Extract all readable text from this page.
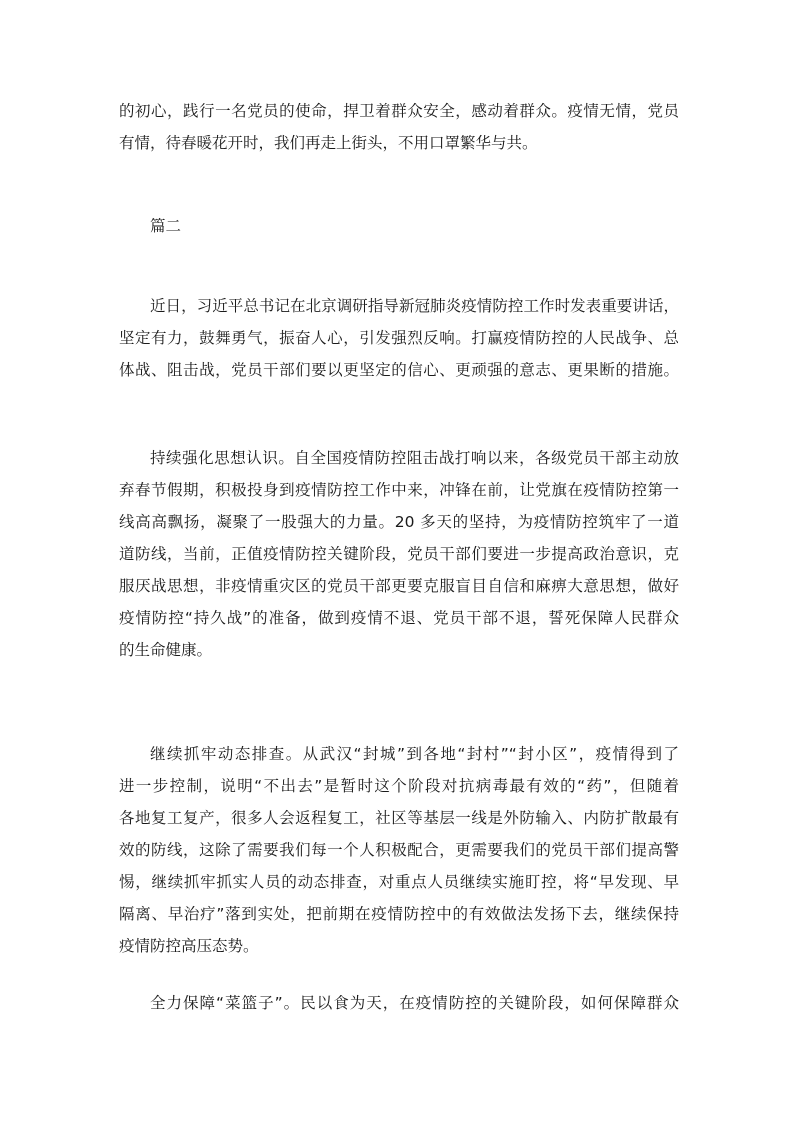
的初心，践行一名党员的使命，捍卫着群众安全，感动着群众。疫情无情，党员
有情，待春暖花开时，我们再走上街头，不用口罩繁华与共。

篇二

近日，习近平总书记在北京调研指导新冠肺炎疫情防控工作时发表重要讲话，
坚定有力，鼓舞勇气，振奋人心，引发强烈反响。打赢疫情防控的人民战争、总
体战、阻击战，党员干部们要以更坚定的信心、更顽强的意志、更果断的措施。
持续强化思想认识。自全国疫情防控阻击战打响以来，各级党员干部主动放
弃春节假期，积极投身到疫情防控工作中来，冲锋在前，让党旗在疫情防控第一
线高高飘扬，凝聚了一股强大的力量。20 多天的坚持，为疫情防控筑牢了一道
道防线，当前，正值疫情防控关键阶段，党员干部们要进一步提高政治意识，克
服厌战思想，非疫情重灾区的党员干部更要克服盲目自信和麻痹大意思想，做好
疫情防控“持久战”的准备，做到疫情不退、党员干部不退，誓死保障人民群众
的生命健康。
继续抓牢动态排查。从武汉“封城”到各地“封村”“封小区”，疫情得到了
进一步控制，说明“不出去”是暂时这个阶段对抗病毒最有效的“药”，但随着
各地复工复产，很多人会返程复工，社区等基层一线是外防输入、内防扩散最有
效的防线，这除了需要我们每一个人积极配合，更需要我们的党员干部们提高警
惕，继续抓牢抓实人员的动态排查，对重点人员继续实施盯控，将“早发现、早
隔离、早治疗”落到实处，把前期在疫情防控中的有效做法发扬下去，继续保持
疫情防控高压态势。
全力保障“菜篮子”。民以食为天，在疫情防控的关键阶段，如何保障群众
